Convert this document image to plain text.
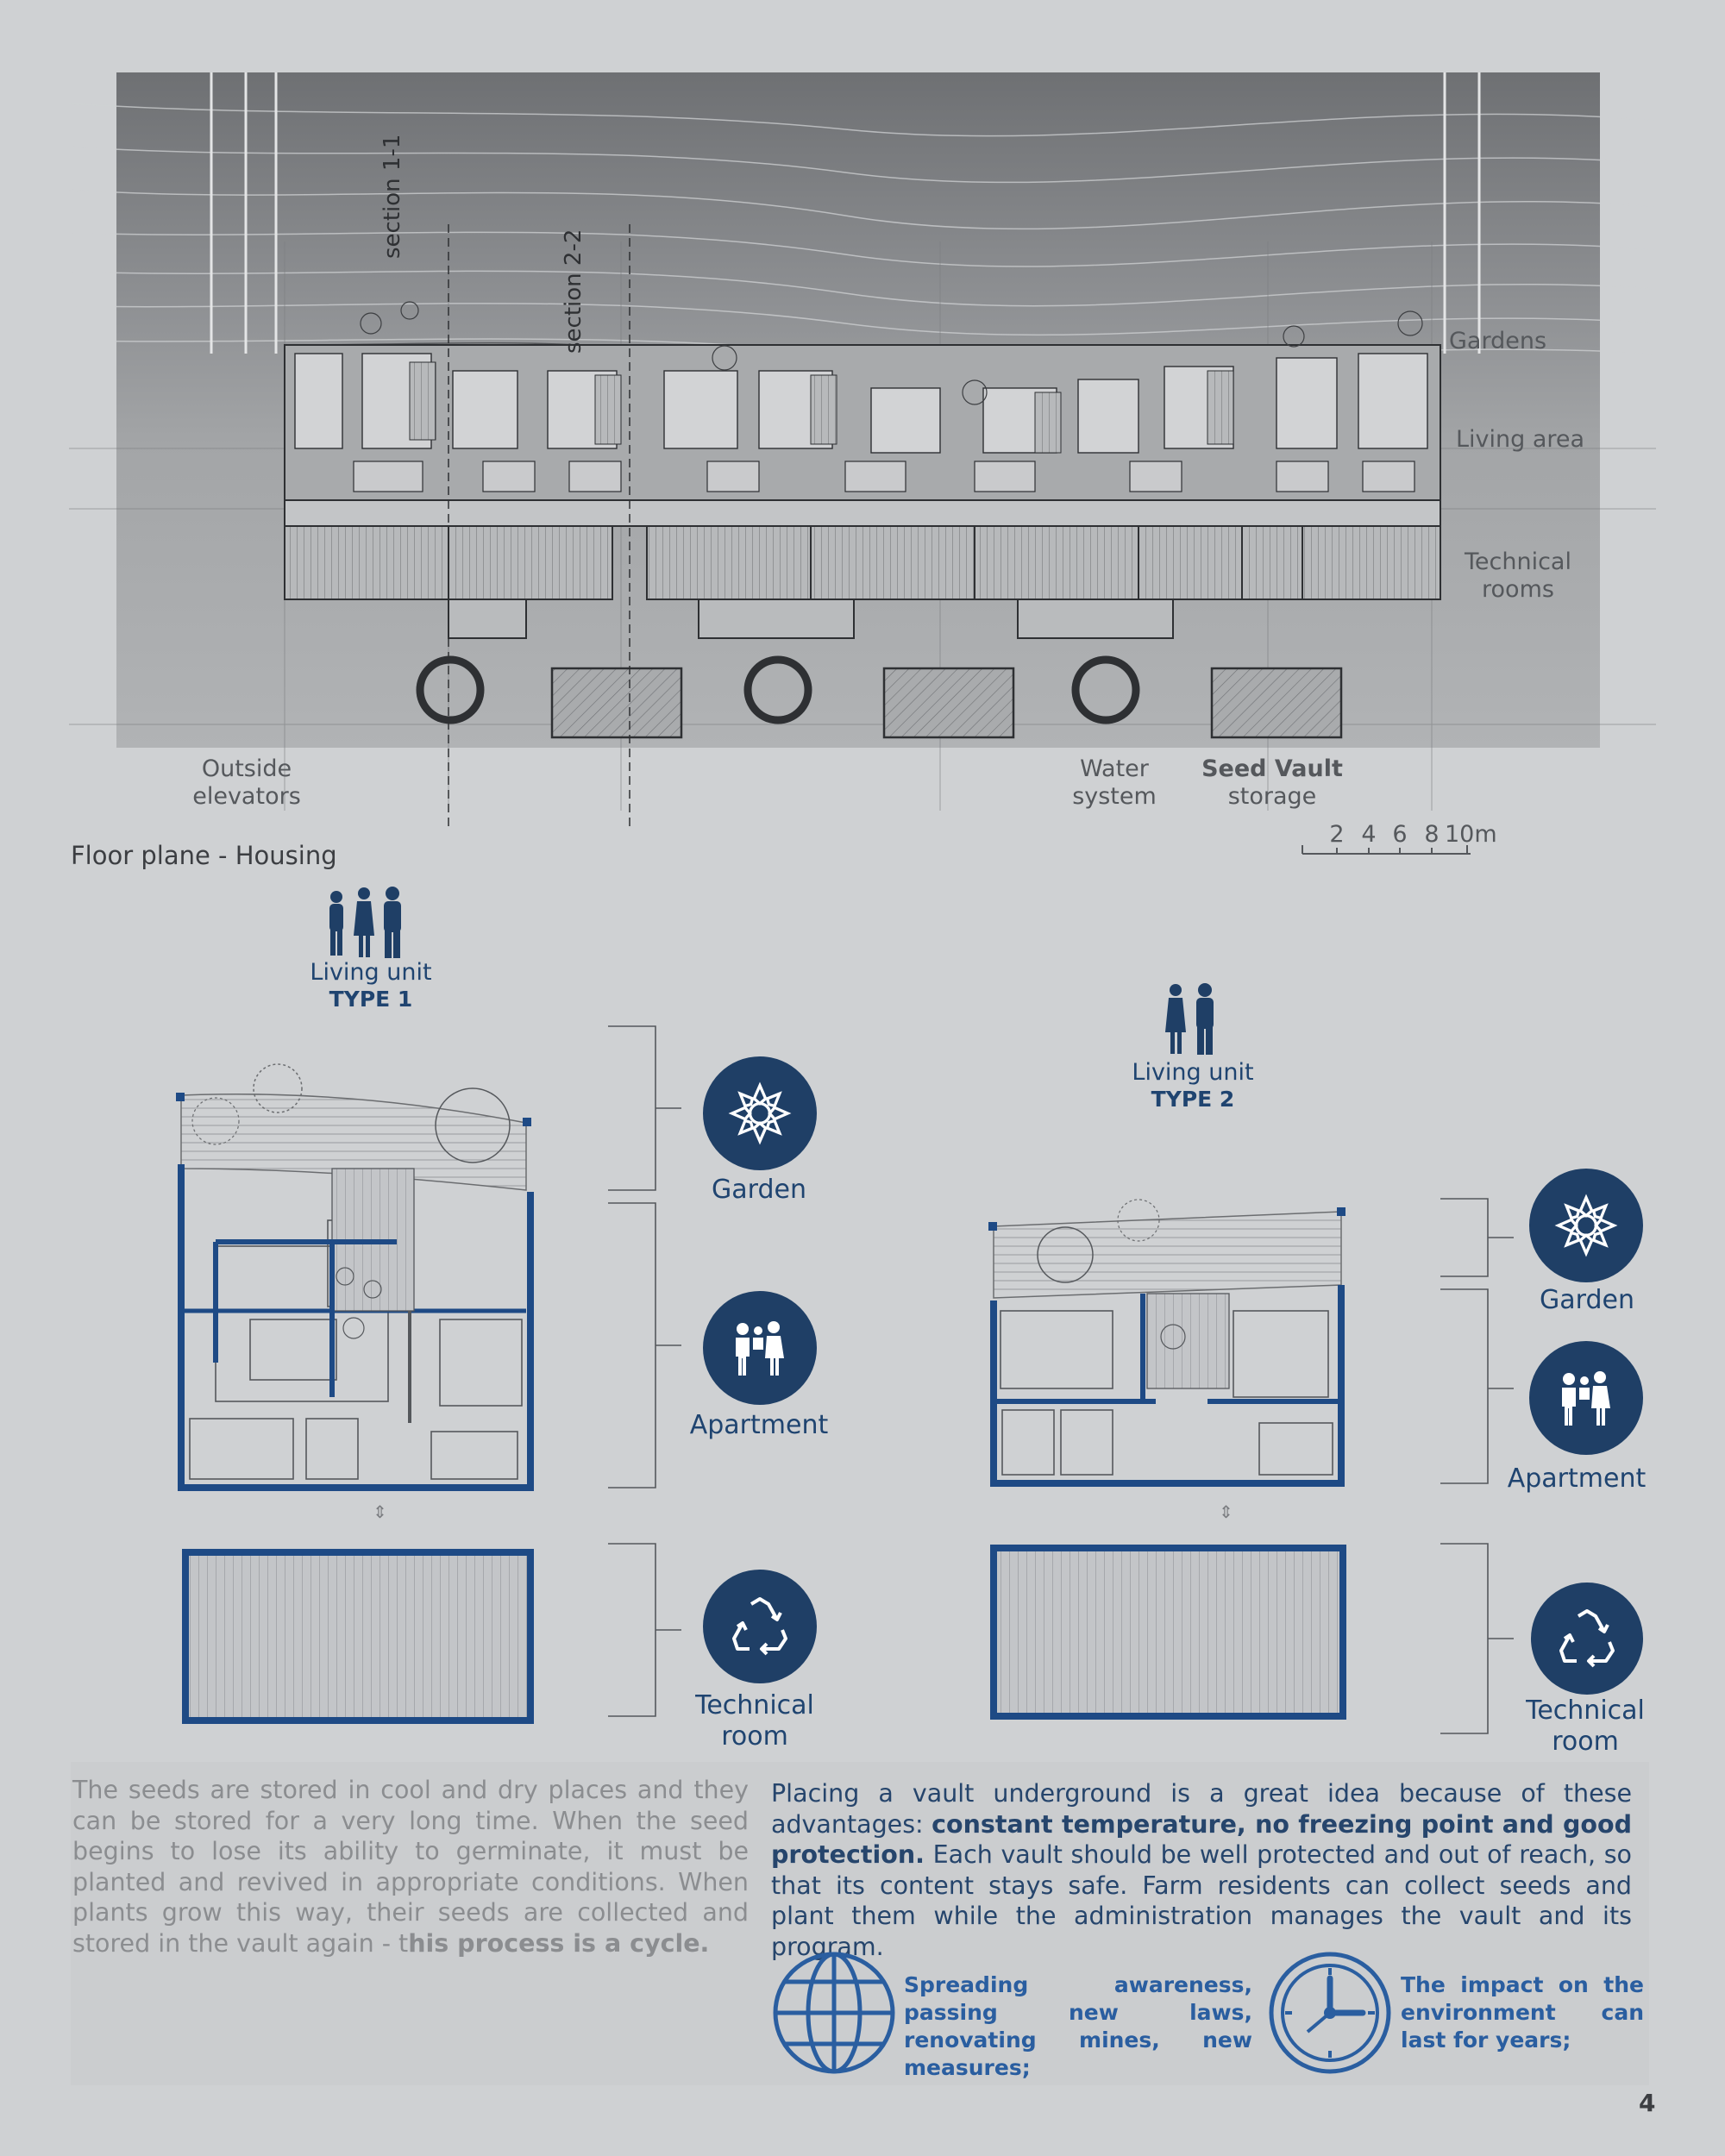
section 1-1
section 2-2	Gardens
Living area
Technical
rooms
Outside
elevators
Water
system
Seed Vault
storage
2 4 6 8 10m
Floor plane - Housing
Living unit
TYPE 1
⇕
Garden
Apartment
Technical
room
Living unit
TYPE 2
⇕
Garden
Apartment
Technical
room
The seeds are stored in cool and dry places and they can be stored for a very long time. When the seed begins to lose its ability to germinate, it must be planted and revived in appropriate conditions. When plants grow this way, their seeds are collected and stored in the vault again - this process is a cycle.
Placing a vault underground is a great idea because of these advantages: constant temperature, no freezing point and good protection. Each vault should be well protected and out of reach, so that its content stays safe. Farm residents can collect seeds and plant them while the administration manages the vault and its program.
Spreading awareness, passing new laws, renovating mines, new measures;
The impact on the environment can last for years;
4
